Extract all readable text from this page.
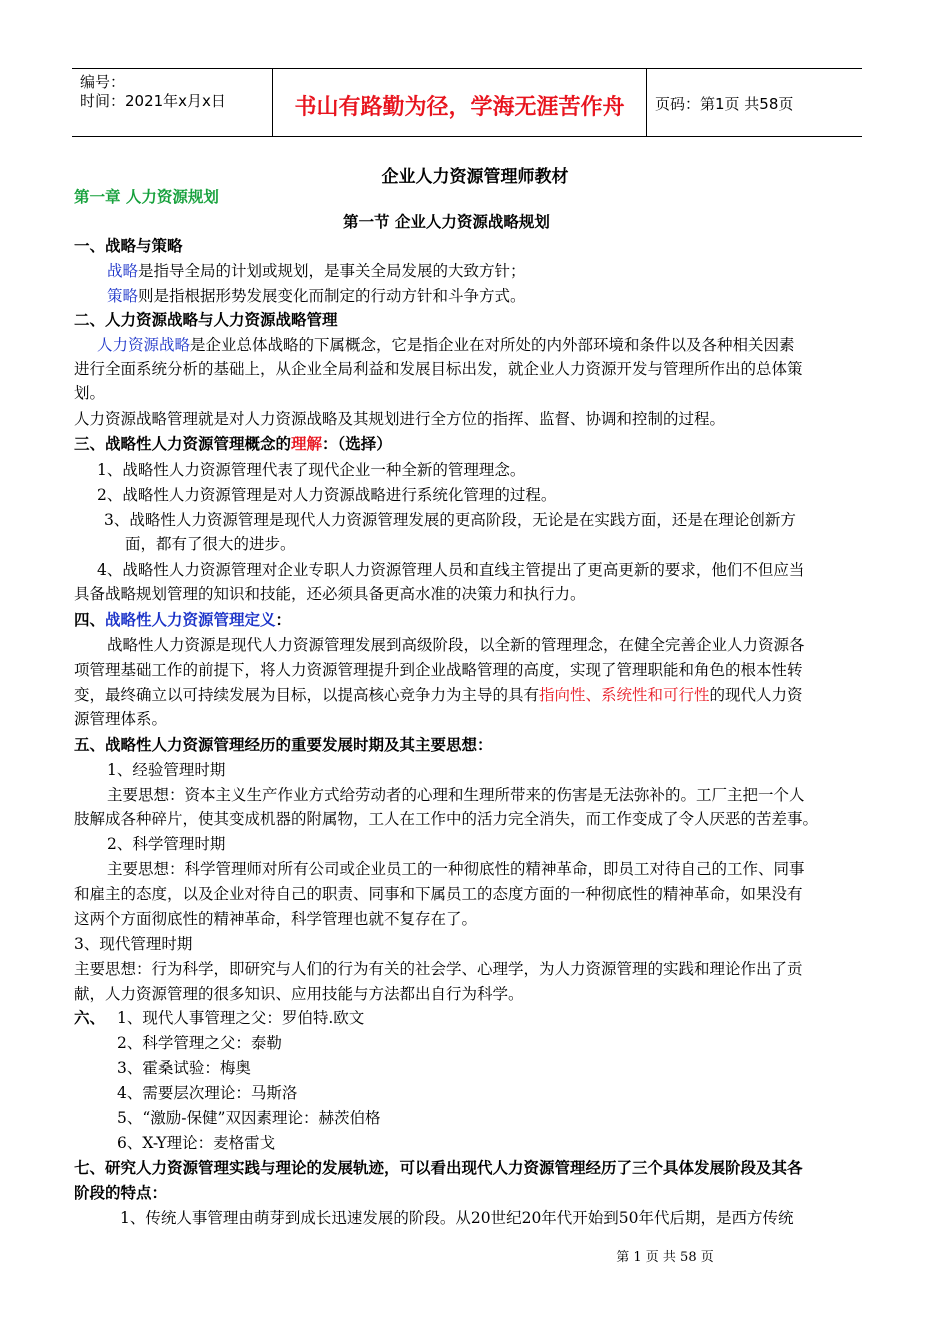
编号：
时间：2021年x月x日	书山有路勤为径，学海无涯苦作舟	页码：第1页 共58页
企业人力资源管理师教材
第一章 人力资源规划
第一节 企业人力资源战略规划
一、战略与策略
战略是指导全局的计划或规划，是事关全局发展的大致方针；
策略则是指根据形势发展变化而制定的行动方针和斗争方式。
二、人力资源战略与人力资源战略管理
人力资源战略是企业总体战略的下属概念，它是指企业在对所处的内外部环境和条件以及各种相关因素
进行全面系统分析的基础上，从企业全局利益和发展目标出发，就企业人力资源开发与管理所作出的总体策
划。
人力资源战略管理就是对人力资源战略及其规划进行全方位的指挥、监督、协调和控制的过程。
三、战略性人力资源管理概念的理解：（选择）
1、战略性人力资源管理代表了现代企业一种全新的管理理念。
2、战略性人力资源管理是对人力资源战略进行系统化管理的过程。
3、战略性人力资源管理是现代人力资源管理发展的更高阶段，无论是在实践方面，还是在理论创新方
面，都有了很大的进步。
4、战略性人力资源管理对企业专职人力资源管理人员和直线主管提出了更高更新的要求，他们不但应当
具备战略规划管理的知识和技能，还必须具备更高水准的决策力和执行力。
四、战略性人力资源管理定义：
战略性人力资源是现代人力资源管理发展到高级阶段，以全新的管理理念，在健全完善企业人力资源各
项管理基础工作的前提下，将人力资源管理提升到企业战略管理的高度，实现了管理职能和角色的根本性转
变，最终确立以可持续发展为目标，以提高核心竞争力为主导的具有指向性、系统性和可行性的现代人力资
源管理体系。
五、战略性人力资源管理经历的重要发展时期及其主要思想：
1、经验管理时期
主要思想：资本主义生产作业方式给劳动者的心理和生理所带来的伤害是无法弥补的。工厂主把一个人
肢解成各种碎片，使其变成机器的附属物，工人在工作中的活力完全消失，而工作变成了令人厌恶的苦差事。
2、科学管理时期
主要思想：科学管理师对所有公司或企业员工的一种彻底性的精神革命，即员工对待自己的工作、同事
和雇主的态度，以及企业对待自己的职责、同事和下属员工的态度方面的一种彻底性的精神革命，如果没有
这两个方面彻底性的精神革命，科学管理也就不复存在了。
3、现代管理时期
主要思想：行为科学，即研究与人们的行为有关的社会学、心理学，为人力资源管理的实践和理论作出了贡
献，人力资源管理的很多知识、应用技能与方法都出自行为科学。
六、 1、现代人事管理之父：罗伯特.欧文
2、科学管理之父：泰勒
3、霍桑试验：梅奥
4、需要层次理论：马斯洛
5、“激励-保健”双因素理论：赫茨伯格
6、X-Y理论：麦格雷戈
七、研究人力资源管理实践与理论的发展轨迹，可以看出现代人力资源管理经历了三个具体发展阶段及其各
阶段的特点：
1、传统人事管理由萌芽到成长迅速发展的阶段。从20世纪20年代开始到50年代后期，是西方传统
第 1 页 共 58 页
